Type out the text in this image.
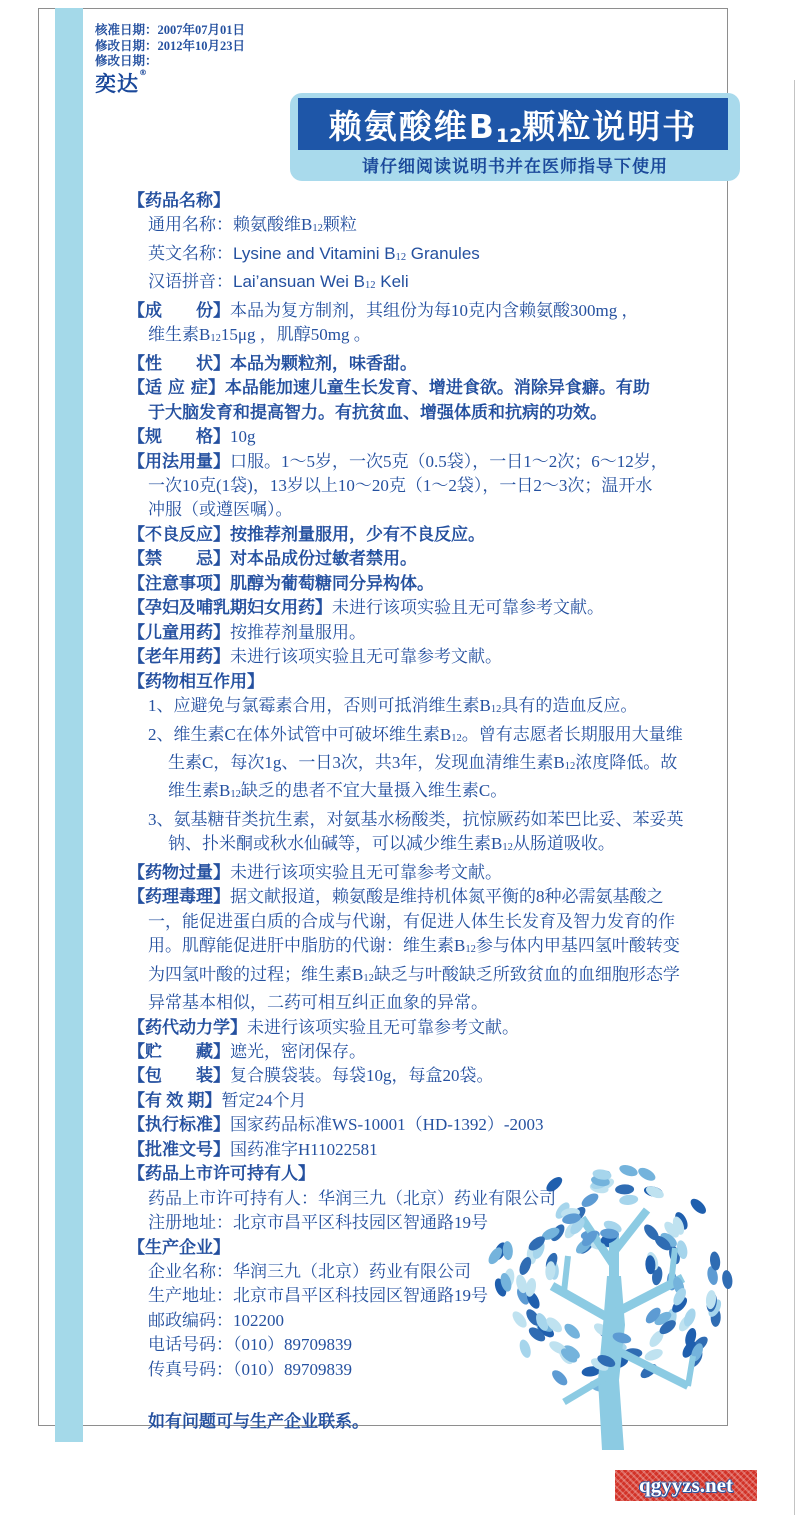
核准日期：2007年07月01日
修改日期：2012年10月23日
修改日期：
奕达®
赖氨酸维B12颗粒说明书
请仔细阅读说明书并在医师指导下使用
【药品名称】
通用名称：赖氨酸维B12颗粒
英文名称：Lysine and Vitamini B12 Granules
汉语拼音：Lai’ansuan Wei B12 Keli
【成　　份】本品为复方制剂，其组份为每10克内含赖氨酸300mg ，
维生素B1215μg ，肌醇50mg 。
【性　　状】本品为颗粒剂，味香甜。
【适 应 症】本品能加速儿童生长发育、增进食欲。消除异食癖。有助
于大脑发育和提高智力。有抗贫血、增强体质和抗病的功效。
【规　　格】10g
【用法用量】口服。1～5岁，一次5克（0.5袋），一日1～2次；6～12岁，
一次10克(1袋)，13岁以上10～20克（1～2袋），一日2～3次；温开水
冲服（或遵医嘱）。
【不良反应】按推荐剂量服用，少有不良反应。
【禁　　忌】对本品成份过敏者禁用。
【注意事项】肌醇为葡萄糖同分异构体。
【孕妇及哺乳期妇女用药】未进行该项实验且无可靠参考文献。
【儿童用药】按推荐剂量服用。
【老年用药】未进行该项实验且无可靠参考文献。
【药物相互作用】
1、应避免与氯霉素合用，否则可抵消维生素B12具有的造血反应。
2、维生素C在体外试管中可破坏维生素B12。曾有志愿者长期服用大量维
生素C，每次1g、一日3次，共3年，发现血清维生素B12浓度降低。故
维生素B12缺乏的患者不宜大量摄入维生素C。
3、氨基糖苷类抗生素，对氨基水杨酸类，抗惊厥药如苯巴比妥、苯妥英
钠、扑米酮或秋水仙碱等，可以减少维生素B12从肠道吸收。
【药物过量】未进行该项实验且无可靠参考文献。
【药理毒理】据文献报道，赖氨酸是维持机体氮平衡的8种必需氨基酸之
一，能促进蛋白质的合成与代谢，有促进人体生长发育及智力发育的作
用。肌醇能促进肝中脂肪的代谢：维生素B12参与体内甲基四氢叶酸转变
为四氢叶酸的过程；维生素B12缺乏与叶酸缺乏所致贫血的血细胞形态学
异常基本相似，二药可相互纠正血象的异常。
【药代动力学】未进行该项实验且无可靠参考文献。
【贮　　藏】遮光，密闭保存。
【包　　装】复合膜袋装。每袋10g，每盒20袋。
【有 效 期】暂定24个月
【执行标准】国家药品标准WS-10001（HD-1392）-2003
【批准文号】国药准字H11022581
【药品上市许可持有人】
药品上市许可持有人：华润三九（北京）药业有限公司
注册地址：北京市昌平区科技园区智通路19号
【生产企业】
企业名称：华润三九（北京）药业有限公司
生产地址：北京市昌平区科技园区智通路19号
邮政编码：102200
电话号码：（010）89709839
传真号码：（010）89709839
如有问题可与生产企业联系。
qgyyzs.net
